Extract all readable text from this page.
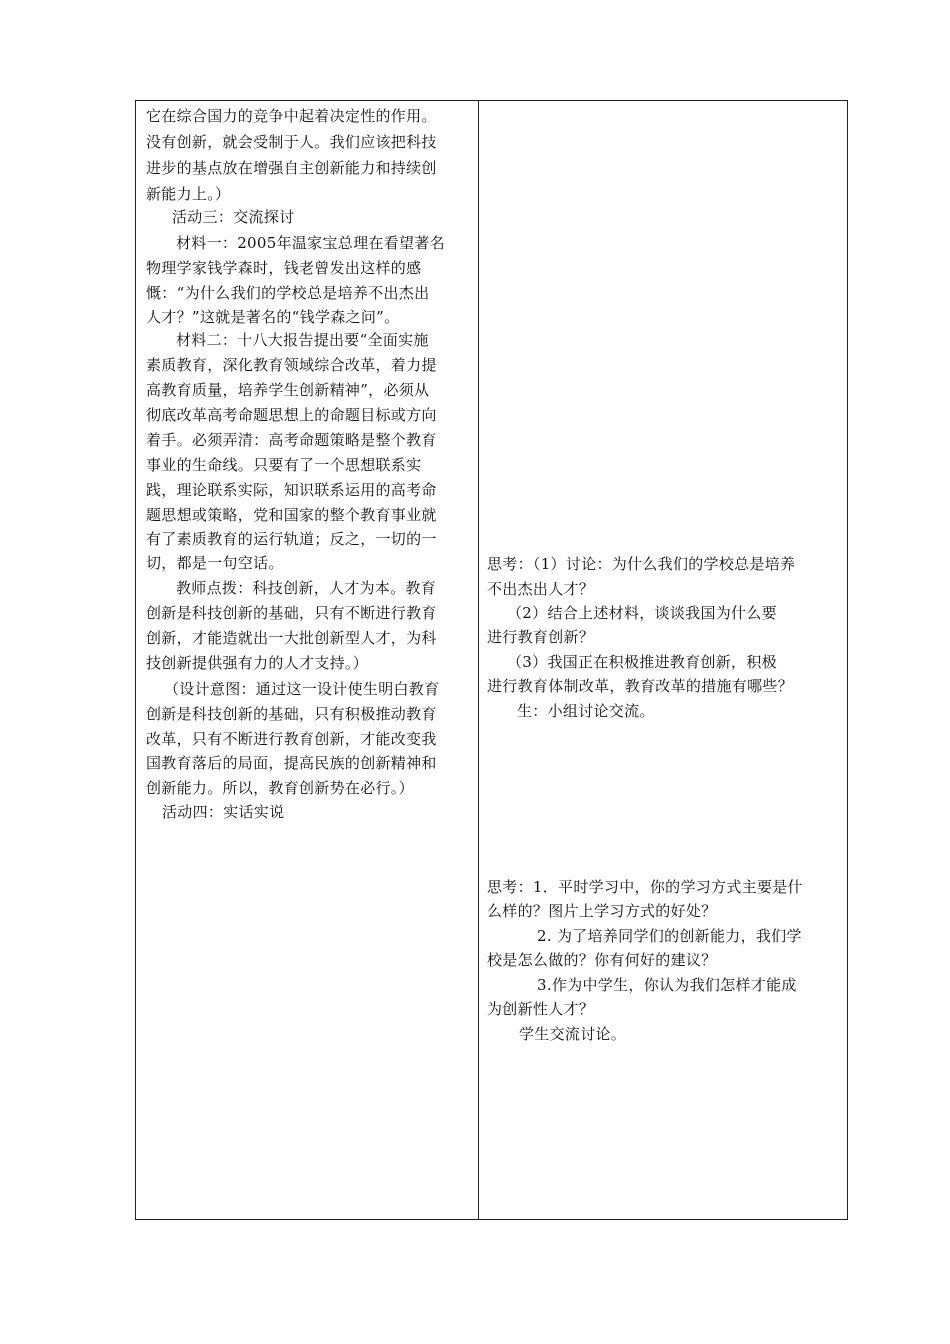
它在综合国力的竞争中起着决定性的作用。
没有创新，就会受制于人。我们应该把科技
进步的基点放在增强自主创新能力和持续创
新能力上。）
活动三：交流探讨
材料一：2005年温家宝总理在看望著名
物理学家钱学森时，钱老曾发出这样的感
慨：“为什么我们的学校总是培养不出杰出
人才？”这就是著名的“钱学森之问”。
材料二：十八大报告提出要“全面实施
素质教育，深化教育领域综合改革，着力提
高教育质量，培养学生创新精神”，必须从
彻底改革高考命题思想上的命题目标或方向
着手。必须弄清：高考命题策略是整个教育
事业的生命线。只要有了一个思想联系实
践，理论联系实际，知识联系运用的高考命
题思想或策略，党和国家的整个教育事业就
有了素质教育的运行轨道；反之，一切的一
切，都是一句空话。
教师点拨：科技创新，人才为本。教育
创新是科技创新的基础，只有不断进行教育
创新，才能造就出一大批创新型人才，为科
技创新提供强有力的人才支持。）
（设计意图：通过这一设计使生明白教育
创新是科技创新的基础，只有积极推动教育
改革，只有不断进行教育创新，才能改变我
国教育落后的局面，提高民族的创新精神和
创新能力。所以，教育创新势在必行。）
活动四：实话实说
思考：（1）讨论：为什么我们的学校总是培养
不出杰出人才？
（2）结合上述材料，谈谈我国为什么要
进行教育创新？
（3）我国正在积极推进教育创新，积极
进行教育体制改革，教育改革的措施有哪些？
生：小组讨论交流。
思考：1．平时学习中，你的学习方式主要是什
么样的？图片上学习方式的好处？
2. 为了培养同学们的创新能力，我们学
校是怎么做的？你有何好的建议？
3.作为中学生，你认为我们怎样才能成
为创新性人才？
学生交流讨论。
